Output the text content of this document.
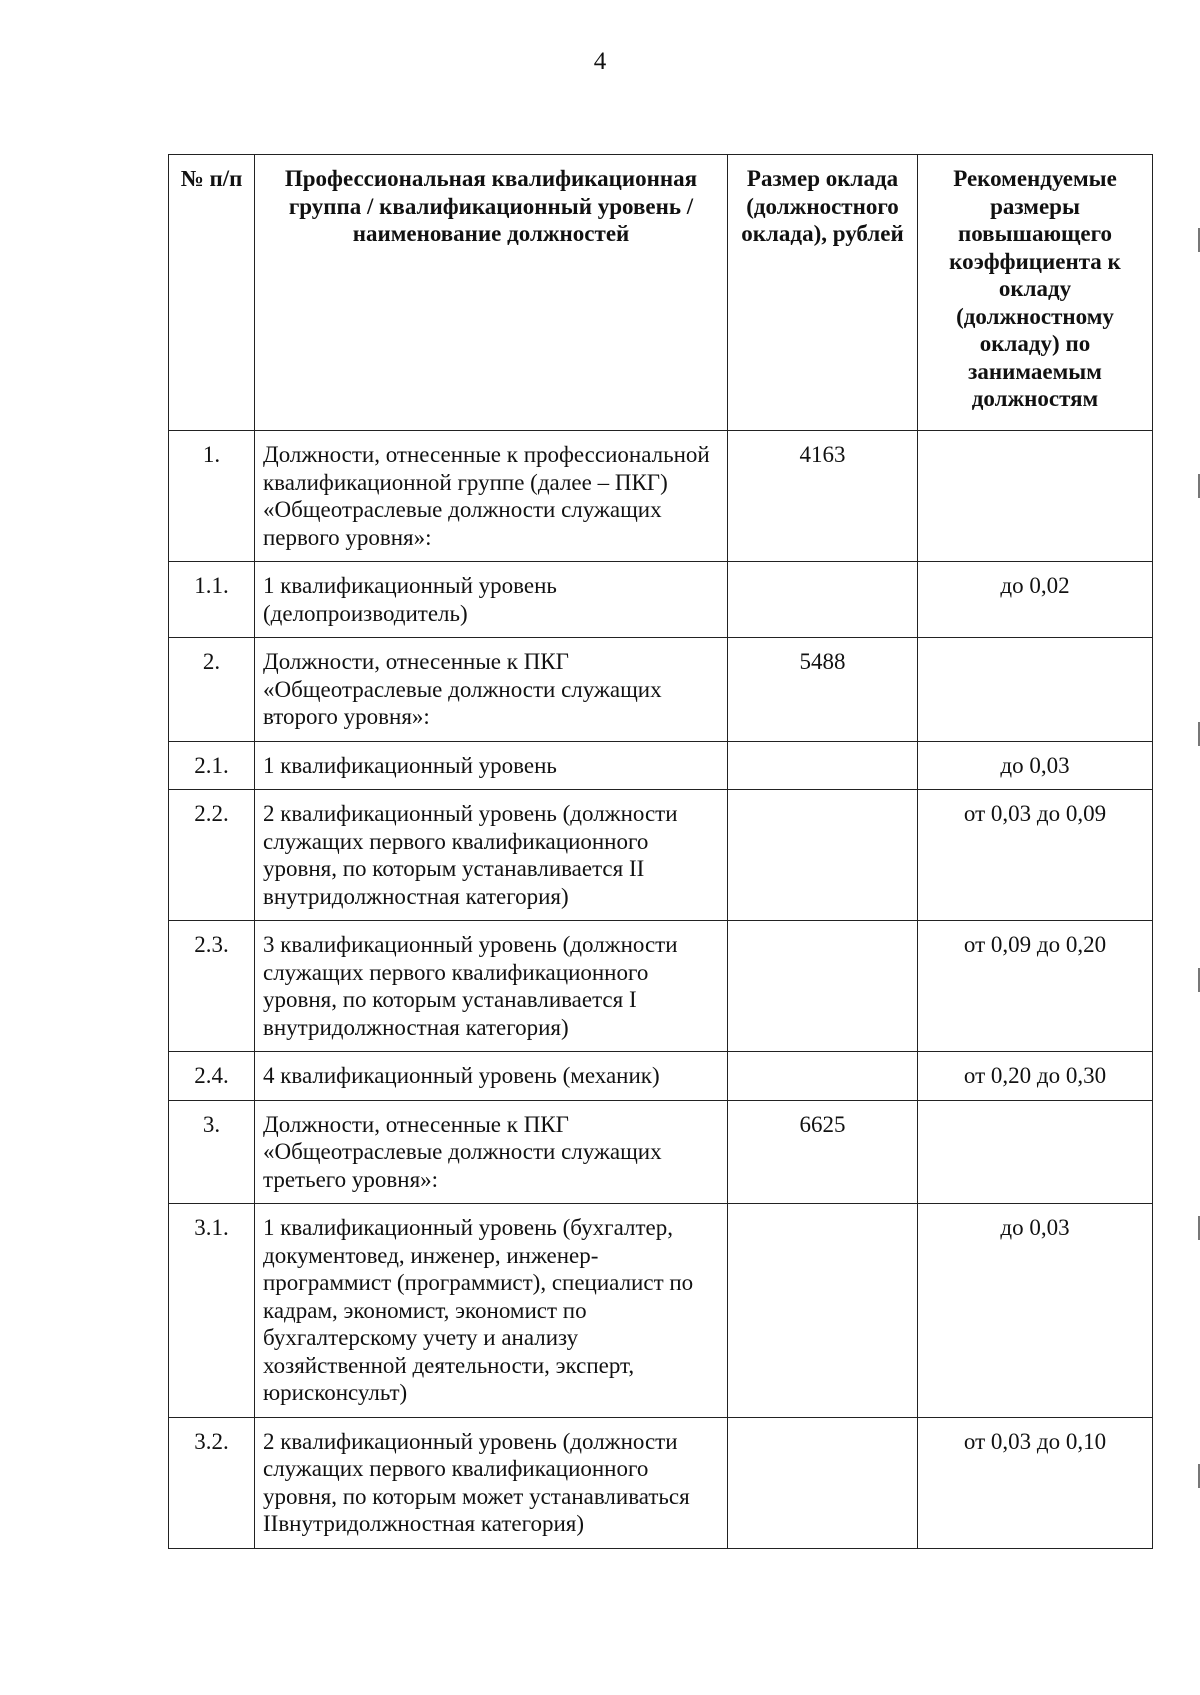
4
№ п/п	Профессиональная квалификационная группа / квалификационный уровень / наименование должностей	Размер оклада (должностного оклада), рублей	Рекомендуемые размеры повышающего коэффициента к окладу (должностному окладу) по занимаемым должностям
1.	Должности, отнесенные к профессиональной квалификационной группе (далее – ПКГ) «Общеотраслевые должности служащих первого уровня»:	4163	
1.1.	1 квалификационный уровень (делопроизводитель)		до 0,02
2.	Должности, отнесенные к ПКГ «Общеотраслевые должности служащих второго уровня»:	5488	
2.1.	1 квалификационный уровень		до 0,03
2.2.	2 квалификационный уровень (должности служащих первого квалификационного уровня, по которым устанавливается II внутридолжностная категория)		от 0,03 до 0,09
2.3.	3 квалификационный уровень (должности служащих первого квалификационного уровня, по которым устанавливается I внутридолжностная категория)		от 0,09 до 0,20
2.4.	4 квалификационный уровень (механик)		от 0,20 до 0,30
3.	Должности, отнесенные к ПКГ «Общеотраслевые должности служащих третьего уровня»:	6625	
3.1.	1 квалификационный уровень (бухгалтер, документовед, инженер, инженер-программист (программист), специалист по кадрам, экономист, экономист по бухгалтерскому учету и анализу хозяйственной деятельности, эксперт, юрисконсульт)		до 0,03
3.2.	2 квалификационный уровень (должности служащих первого квалификационного уровня, по которым может устанавливаться IIвнутридолжностная категория)		от 0,03 до 0,10
